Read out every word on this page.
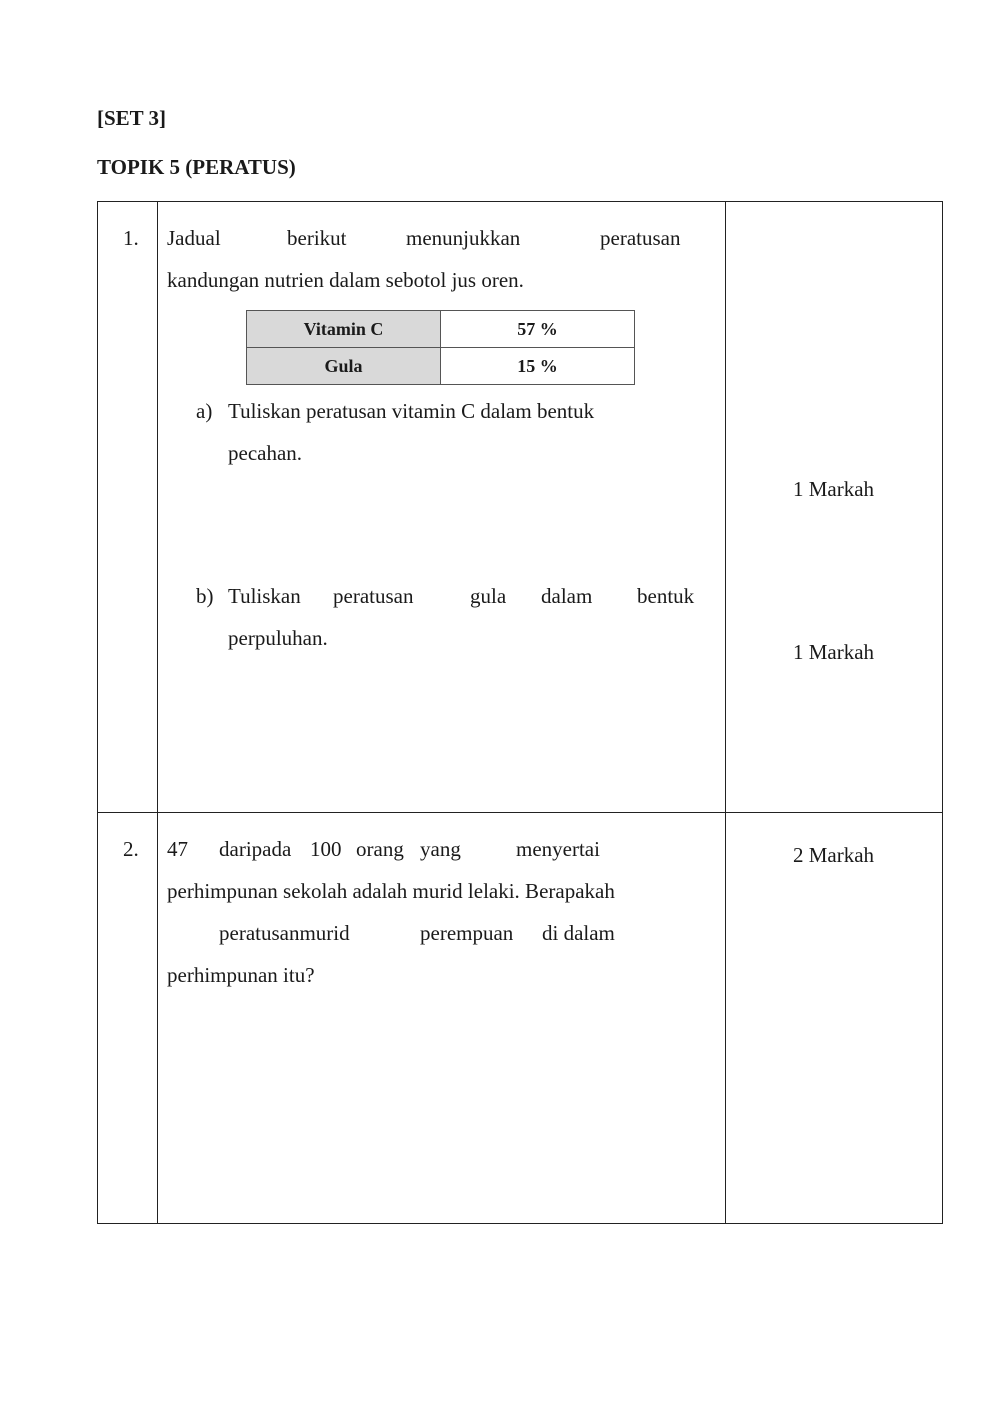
[SET 3]
TOPIK 5 (PERATUS)
1. Jadual	berikut	menunjukkan	peratusan
kandungan nutrien dalam sebotol jus oren.
Vitamin C	57 %
Gula	15 %
a) Tuliskan peratusan vitamin C dalam bentuk
pecahan.
1 Markah
b) Tuliskan peratusan	gula dalam bentuk
perpuluhan.
1 Markah
2. 47 daripada 100 orang yang	menyertai
perhimpunan sekolah adalah murid lelaki. Berapakah
peratusanmurid	perempuan di dalam
perhimpunan itu?
2 Markah
